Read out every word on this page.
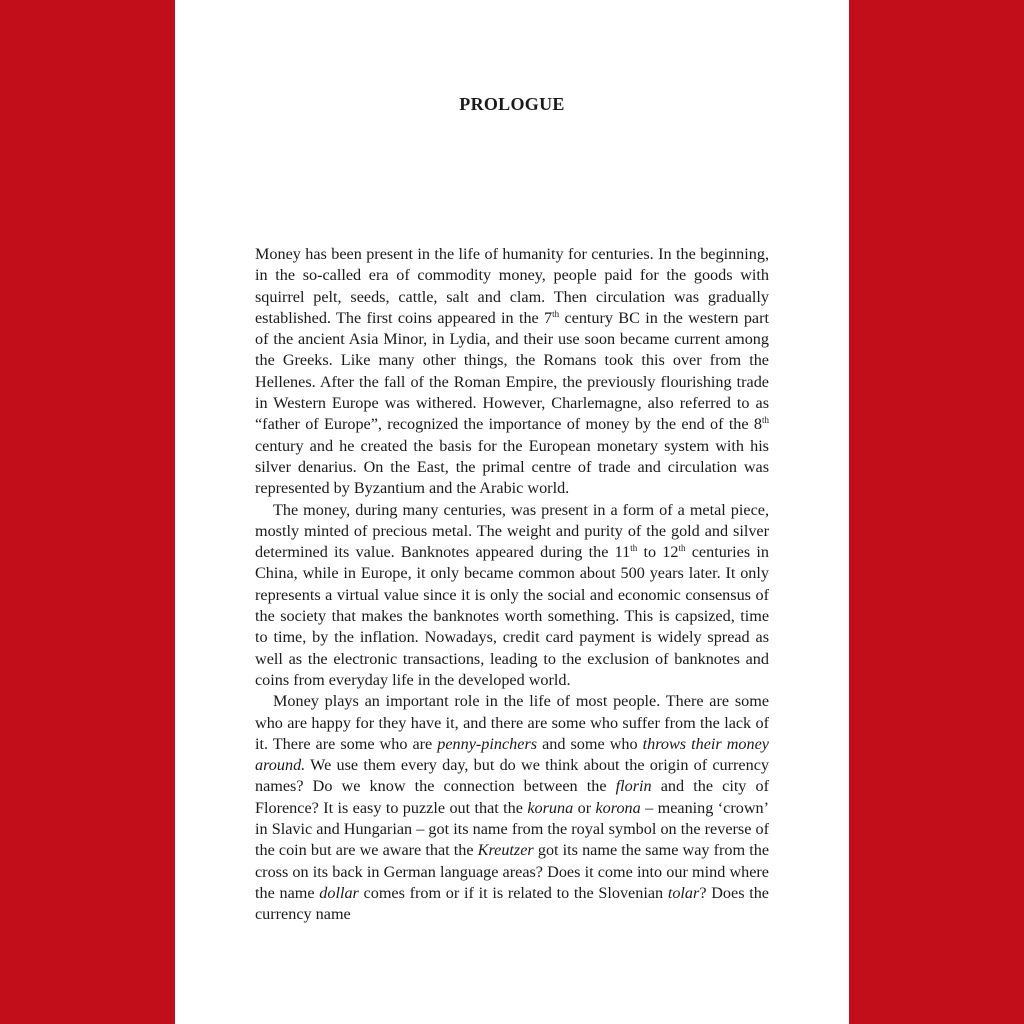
PROLOGUE

Money has been present in the life of humanity for centuries. In the beginning, in the so-called era of commodity money, people paid for the goods with squirrel pelt, seeds, cattle, salt and clam. Then circulation was gradually established. The first coins appeared in the 7th century BC in the western part of the ancient Asia Minor, in Lydia, and their use soon became current among the Greeks. Like many other things, the Romans took this over from the Hellenes. After the fall of the Roman Empire, the previously flourishing trade in Western Europe was withered. However, Charlemagne, also referred to as “father of Europe”, recognized the importance of money by the end of the 8th century and he created the basis for the European monetary system with his silver denarius. On the East, the primal centre of trade and circulation was represented by Byzantium and the Arabic world.

The money, during many centuries, was present in a form of a metal piece, mostly minted of precious metal. The weight and purity of the gold and silver determined its value. Banknotes appeared during the 11th to 12th centuries in China, while in Europe, it only became common about 500 years later. It only represents a virtual value since it is only the social and economic consensus of the society that makes the banknotes worth something. This is capsized, time to time, by the inflation. Nowadays, credit card payment is widely spread as well as the electronic transactions, leading to the exclusion of banknotes and coins from everyday life in the developed world.

Money plays an important role in the life of most people. There are some who are happy for they have it, and there are some who suffer from the lack of it. There are some who are penny-pinchers and some who throws their money around. We use them every day, but do we think about the origin of currency names? Do we know the connection between the florin and the city of Florence? It is easy to puzzle out that the koruna or korona – meaning ‘crown’ in Slavic and Hungarian – got its name from the royal symbol on the reverse of the coin but are we aware that the Kreutzer got its name the same way from the cross on its back in German language areas? Does it come into our mind where the name dollar comes from or if it is related to the Slovenian tolar? Does the currency name
